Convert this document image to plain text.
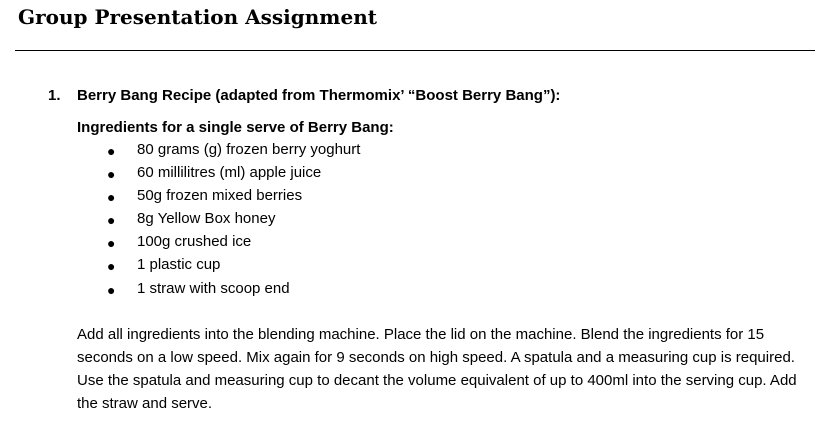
Group Presentation Assignment
1. Berry Bang Recipe (adapted from Thermomix’ “Boost Berry Bang”):
Ingredients for a single serve of Berry Bang:
● 80 grams (g) frozen berry yoghurt
● 60 millilitres (ml) apple juice
● 50g frozen mixed berries
● 8g Yellow Box honey
● 100g crushed ice
● 1 plastic cup
● 1 straw with scoop end

Add all ingredients into the blending machine. Place the lid on the machine. Blend the ingredients for 15 seconds on a low speed. Mix again for 9 seconds on high speed. A spatula and a measuring cup is required. Use the spatula and measuring cup to decant the volume equivalent of up to 400ml into the serving cup. Add the straw and serve.
